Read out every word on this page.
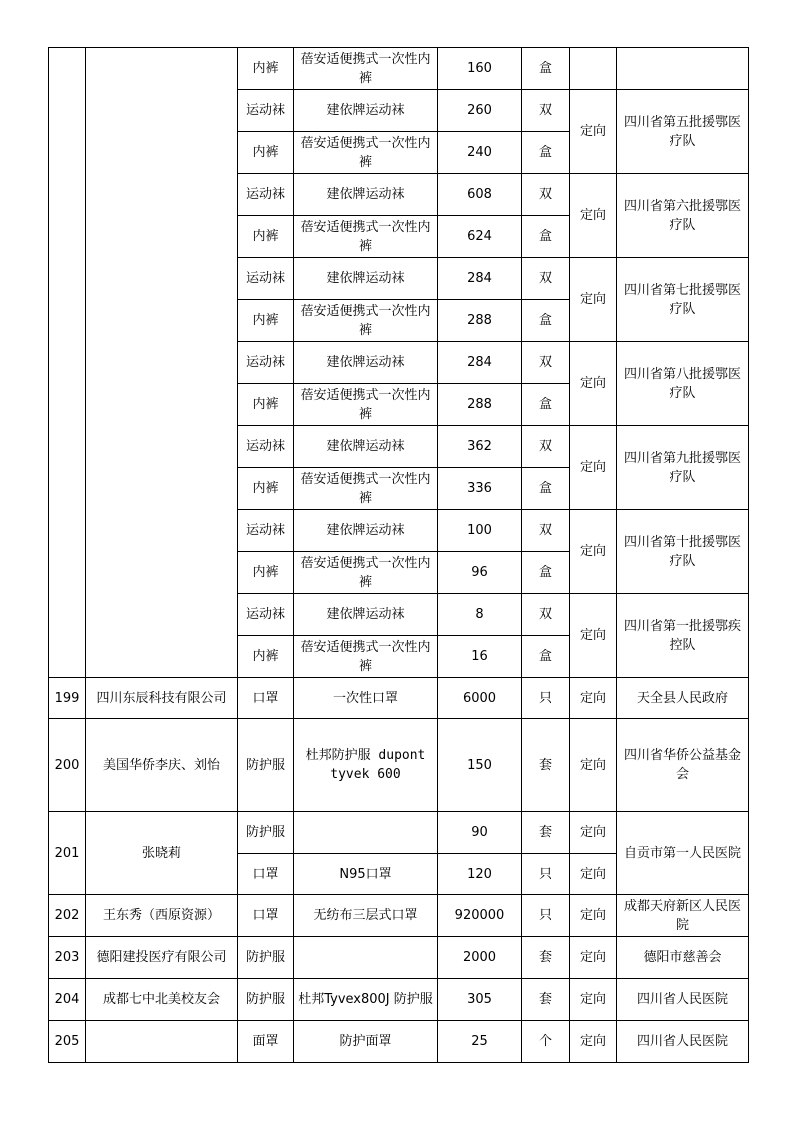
		内裤	蓓安适便携式一次性内裤	160	盒		
		运动袜	建依牌运动袜	260	双	定向	四川省第五批援鄂医疗队
		内裤	蓓安适便携式一次性内裤	240	盒		
		运动袜	建依牌运动袜	608	双	定向	四川省第六批援鄂医疗队
		内裤	蓓安适便携式一次性内裤	624	盒		
		运动袜	建依牌运动袜	284	双	定向	四川省第七批援鄂医疗队
		内裤	蓓安适便携式一次性内裤	288	盒		
		运动袜	建依牌运动袜	284	双	定向	四川省第八批援鄂医疗队
		内裤	蓓安适便携式一次性内裤	288	盒		
		运动袜	建依牌运动袜	362	双	定向	四川省第九批援鄂医疗队
		内裤	蓓安适便携式一次性内裤	336	盒		
		运动袜	建依牌运动袜	100	双	定向	四川省第十批援鄂医疗队
		内裤	蓓安适便携式一次性内裤	96	盒		
		运动袜	建依牌运动袜	8	双	定向	四川省第一批援鄂疾控队
		内裤	蓓安适便携式一次性内裤	16	盒		
199	四川东辰科技有限公司	口罩	一次性口罩	6000	只	定向	天全县人民政府
200	美国华侨李庆、刘怡	防护服	杜邦防护服 dupont tyvek 600	150	套	定向	四川省华侨公益基金会
201	张晓莉	防护服		90	套	定向	自贡市第一人民医院
		口罩	N95口罩	120	只	定向	
202	王东秀（西原资源）	口罩	无纺布三层式口罩	920000	只	定向	成都天府新区人民医院
203	德阳建投医疗有限公司	防护服		2000	套	定向	德阳市慈善会
204	成都七中北美校友会	防护服	杜邦Tyvex800J 防护服	305	套	定向	四川省人民医院
205		面罩	防护面罩	25	个	定向	四川省人民医院
